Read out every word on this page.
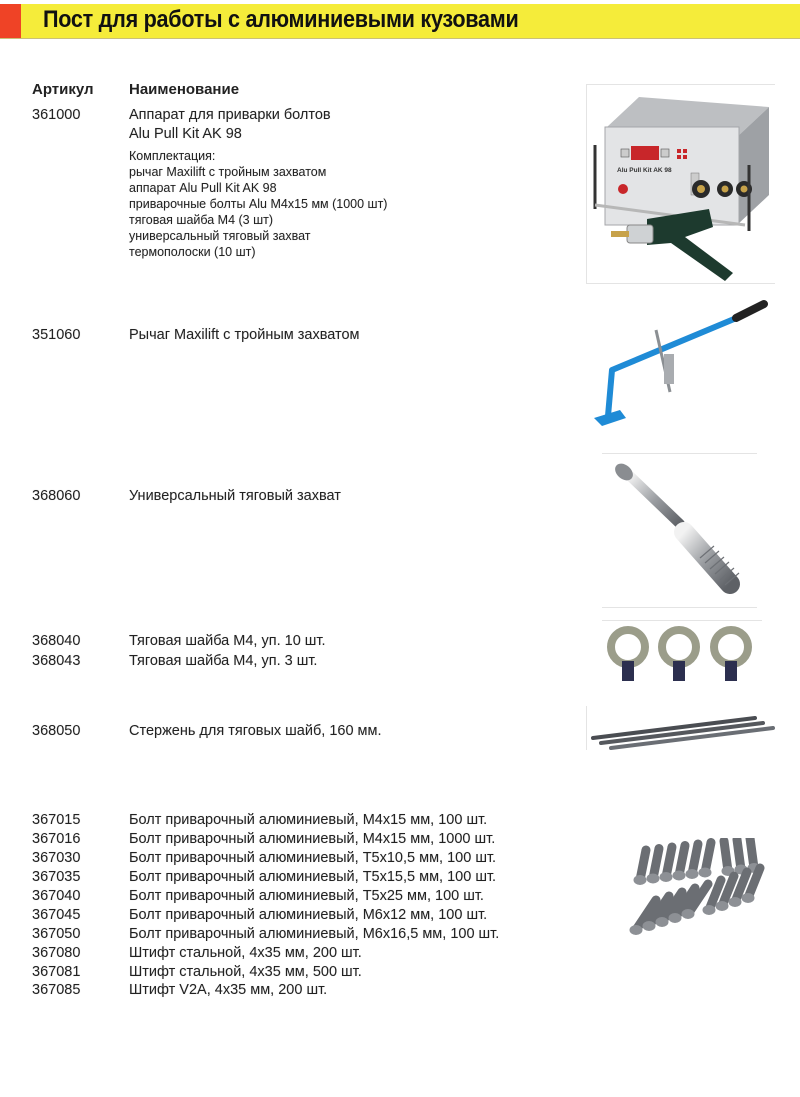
Пост для работы с алюминиевыми кузовами
Артикул Наименование
361000	Аппарат для приварки болтов
Alu Pull Kit AK 98
Комплектация:
рычаг Maxilift с тройным захватом
аппарат Alu Pull Kit AK 98
приварочные болты Alu M4x15 мм (1000 шт)
тяговая шайба M4 (3 шт)
универсальный тяговый захват
термополоски (10 шт)
Alu Pull Kit AK 98
351060	Рычаг Maxilift с тройным захватом
368060	Универсальный тяговый захват
368040	Тяговая шайба M4, уп. 10 шт.
368043	Тяговая шайба M4, уп. 3 шт.
368050	Стержень для тяговых шайб, 160 мм.
367015	Болт приварочный алюминиевый, M4x15 мм, 100 шт.
367016	Болт приварочный алюминиевый, M4x15 мм, 1000 шт.
367030	Болт приварочный алюминиевый, T5x10,5 мм, 100 шт.
367035	Болт приварочный алюминиевый, T5x15,5 мм, 100 шт.
367040	Болт приварочный алюминиевый, T5x25 мм, 100 шт.
367045	Болт приварочный алюминиевый, M6x12 мм, 100 шт.
367050	Болт приварочный алюминиевый, M6x16,5 мм, 100 шт.
367080	Штифт стальной, 4x35 мм, 200 шт.
367081	Штифт стальной, 4x35 мм, 500 шт.
367085	Штифт V2A, 4x35 мм, 200 шт.
